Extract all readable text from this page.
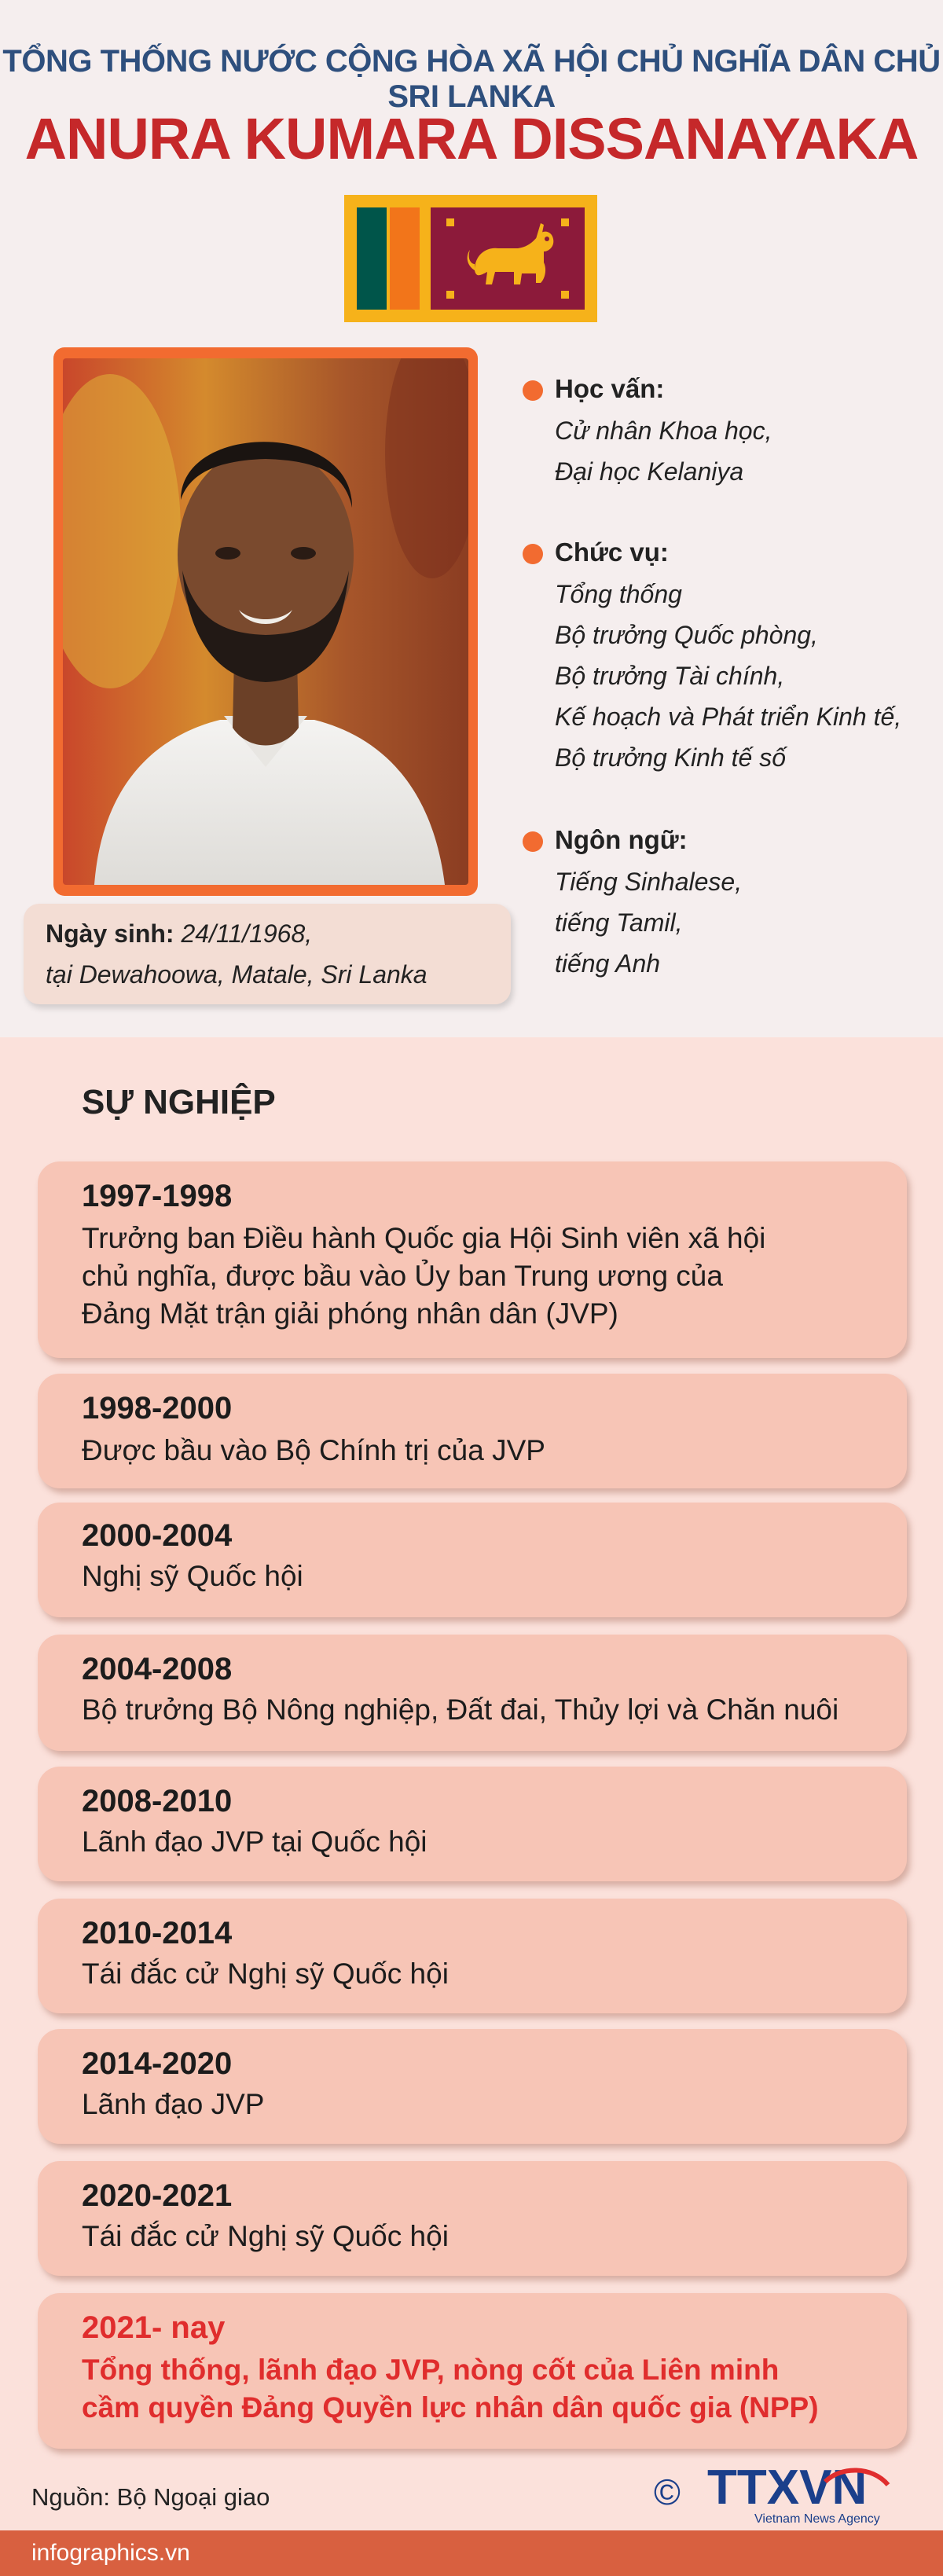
TỔNG THỐNG NƯỚC CỘNG HÒA XÃ HỘI CHỦ NGHĨA DÂN CHỦ SRI LANKA
ANURA KUMARA DISSANAYAKA
Ngày sinh: 24/11/1968,
tại Dewahoowa, Matale, Sri Lanka
Học vấn:
Cử nhân Khoa học,
Đại học Kelaniya
Chức vụ:
Tổng thống
Bộ trưởng Quốc phòng,
Bộ trưởng Tài chính,
Kế hoạch và Phát triển Kinh tế,
Bộ trưởng Kinh tế số
Ngôn ngữ:
Tiếng Sinhalese,
tiếng Tamil,
tiếng Anh
SỰ NGHIỆP
1997-1998
Trưởng ban Điều hành Quốc gia Hội Sinh viên xã hội
chủ nghĩa, được bầu vào Ủy ban Trung ương của
Đảng Mặt trận giải phóng nhân dân (JVP)
1998-2000
Được bầu vào Bộ Chính trị của JVP
2000-2004
Nghị sỹ Quốc hội
2004-2008
Bộ trưởng Bộ Nông nghiệp, Đất đai, Thủy lợi và Chăn nuôi
2008-2010
Lãnh đạo JVP tại Quốc hội
2010-2014
Tái đắc cử Nghị sỹ Quốc hội
2014-2020
Lãnh đạo JVP
2020-2021
Tái đắc cử Nghị sỹ Quốc hội
2021- nay
Tổng thống, lãnh đạo JVP, nòng cốt của Liên minh
cầm quyền Đảng Quyền lực nhân dân quốc gia (NPP)
Nguồn: Bộ Ngoại giao	© TTXVN
Vietnam News Agency
infographics.vn
